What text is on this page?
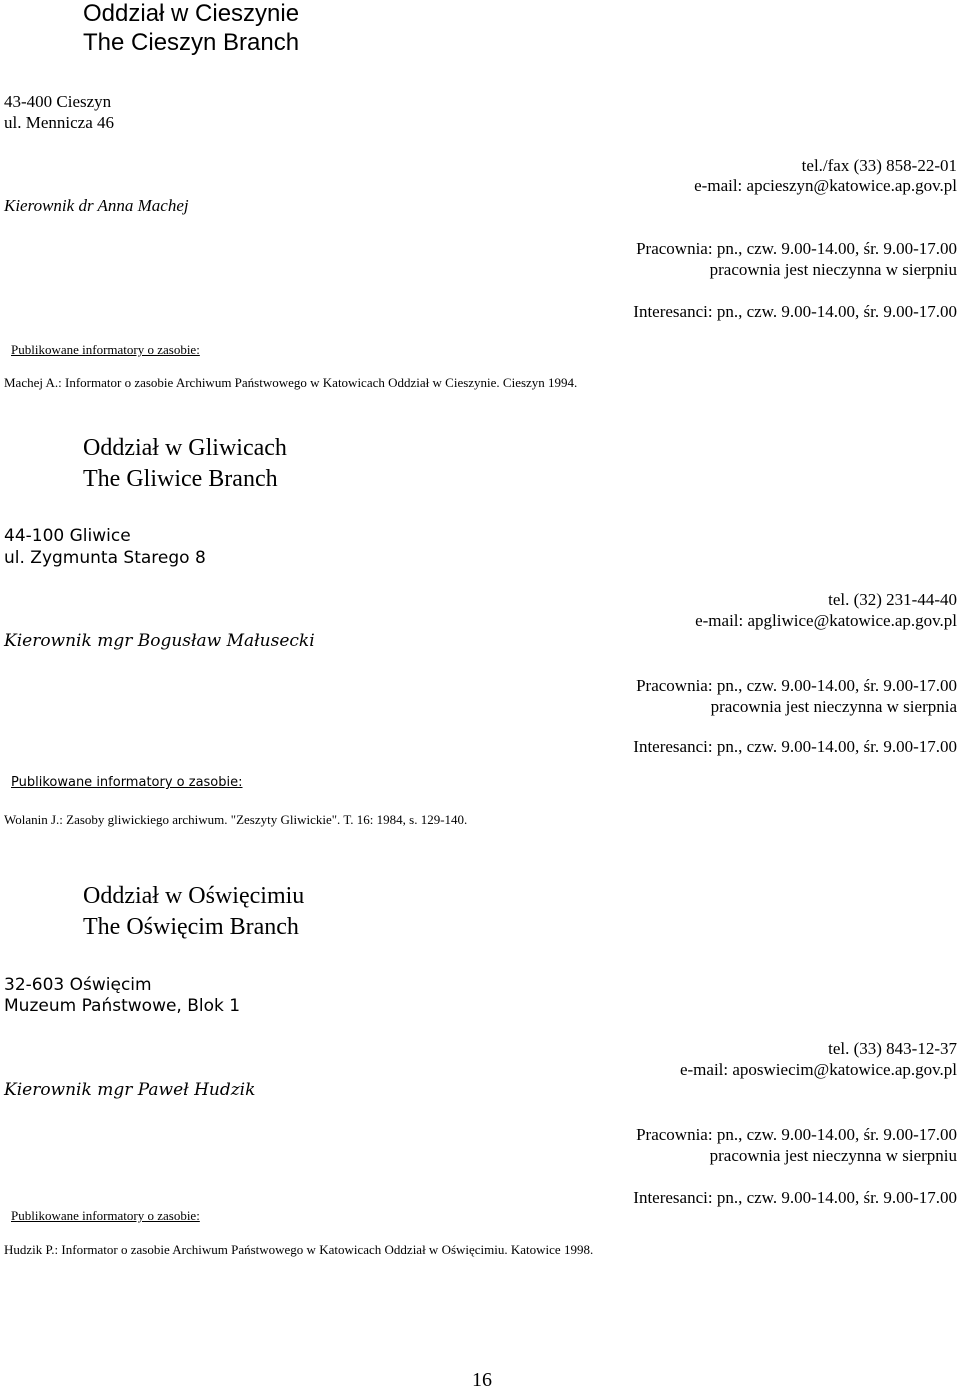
Oddział w Cieszynie
The Cieszyn Branch
43-400 Cieszyn
ul. Mennicza 46
tel./fax (33) 858-22-01
e-mail: apcieszyn@katowice.ap.gov.pl
Kierownik dr Anna Machej
Pracownia: pn., czw. 9.00-14.00, śr. 9.00-17.00
pracownia jest nieczynna w sierpniu
Interesanci: pn., czw. 9.00-14.00, śr. 9.00-17.00
Publikowane informatory o zasobie:
Machej A.: Informator o zasobie Archiwum Państwowego w Katowicach Oddział w Cieszynie. Cieszyn 1994.
Oddział w Gliwicach
The Gliwice Branch
44-100 Gliwice
ul. Zygmunta Starego 8
tel. (32) 231-44-40
e-mail: apgliwice@katowice.ap.gov.pl
Kierownik mgr Bogusław Małusecki
Pracownia: pn., czw. 9.00-14.00, śr. 9.00-17.00
pracownia jest nieczynna w sierpnia
Interesanci: pn., czw. 9.00-14.00, śr. 9.00-17.00
Publikowane informatory o zasobie:
Wolanin J.: Zasoby gliwickiego archiwum. "Zeszyty Gliwickie". T. 16: 1984, s. 129-140.
Oddział w Oświęcimiu
The Oświęcim Branch
32-603 Oświęcim
Muzeum Państwowe, Blok 1
tel. (33) 843-12-37
e-mail: aposwiecim@katowice.ap.gov.pl
Kierownik mgr Paweł Hudzik
Pracownia: pn., czw. 9.00-14.00, śr. 9.00-17.00
pracownia jest nieczynna w sierpniu
Interesanci: pn., czw. 9.00-14.00, śr. 9.00-17.00
Publikowane informatory o zasobie:
Hudzik P.: Informator o zasobie Archiwum Państwowego w Katowicach Oddział w Oświęcimiu. Katowice 1998.
16
